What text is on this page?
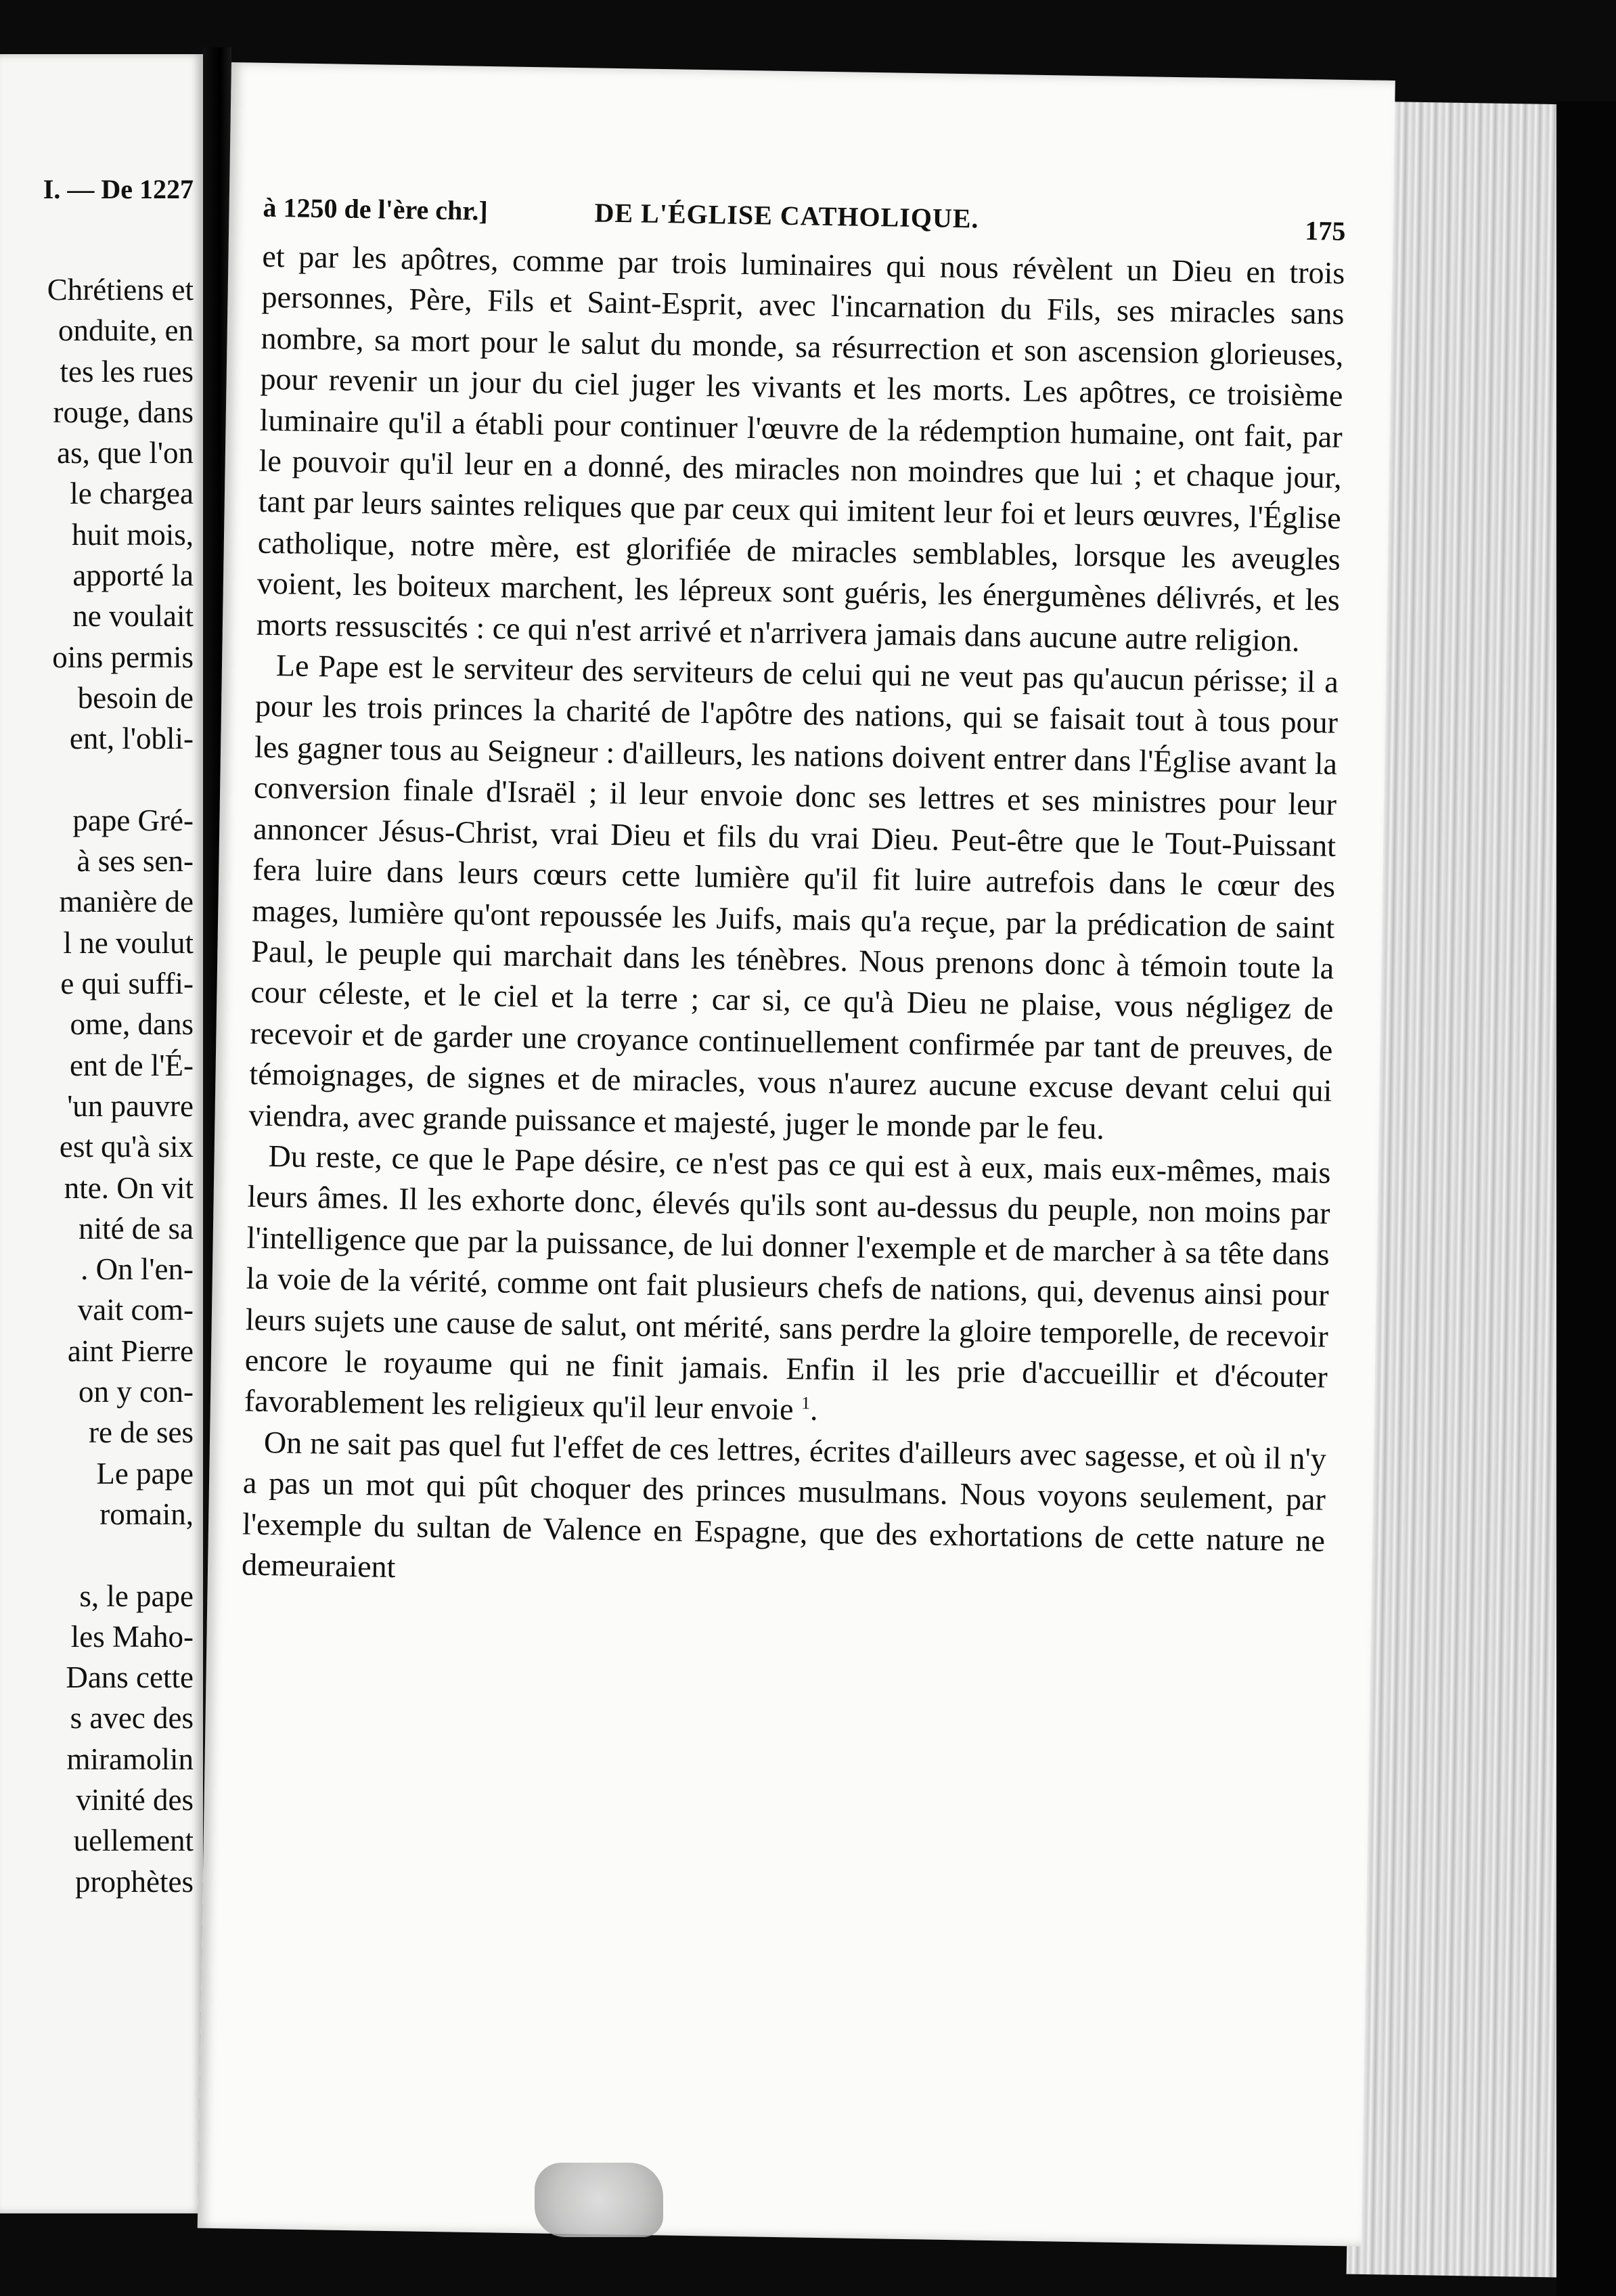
I. — De 1227
Chrétiens et
onduite, en
tes les rues
rouge, dans
as, que l'on
le chargea
huit mois,
apporté la
ne voulait
oins permis
besoin de
ent, l'obli-
pape Gré-
à ses sen-
manière de
l ne voulut
e qui suffi-
ome, dans
ent de l'É-
'un pauvre
est qu'à six
nte. On vit
nité de sa
. On l'en-
vait com-
aint Pierre
on y con-
re de ses
Le pape
romain,
s, le pape
les Maho-
Dans cette
s avec des
miramolin
vinité des
uellement
prophètes
à 1250 de l'ère chr.]	DE L'ÉGLISE CATHOLIQUE.	175

et par les apôtres, comme par trois luminaires qui nous révèlent un Dieu en trois personnes, Père, Fils et Saint-Esprit, avec l'incarnation du Fils, ses miracles sans nombre, sa mort pour le salut du monde, sa résurrection et son ascension glorieuses, pour revenir un jour du ciel juger les vivants et les morts. Les apôtres, ce troisième luminaire qu'il a établi pour continuer l'œuvre de la rédemption humaine, ont fait, par le pouvoir qu'il leur en a donné, des miracles non moindres que lui ; et chaque jour, tant par leurs saintes reliques que par ceux qui imitent leur foi et leurs œuvres, l'Église catholique, notre mère, est glorifiée de miracles semblables, lorsque les aveugles voient, les boiteux marchent, les lépreux sont guéris, les énergumènes délivrés, et les morts ressuscités : ce qui n'est arrivé et n'arrivera jamais dans aucune autre religion.

Le Pape est le serviteur des serviteurs de celui qui ne veut pas qu'aucun périsse; il a pour les trois princes la charité de l'apôtre des nations, qui se faisait tout à tous pour les gagner tous au Seigneur : d'ailleurs, les nations doivent entrer dans l'Église avant la conversion finale d'Israël ; il leur envoie donc ses lettres et ses ministres pour leur annoncer Jésus-Christ, vrai Dieu et fils du vrai Dieu. Peut-être que le Tout-Puissant fera luire dans leurs cœurs cette lumière qu'il fit luire autrefois dans le cœur des mages, lumière qu'ont repoussée les Juifs, mais qu'a reçue, par la prédication de saint Paul, le peuple qui marchait dans les ténèbres. Nous prenons donc à témoin toute la cour céleste, et le ciel et la terre ; car si, ce qu'à Dieu ne plaise, vous négligez de recevoir et de garder une croyance continuellement confirmée par tant de preuves, de témoignages, de signes et de miracles, vous n'aurez aucune excuse devant celui qui viendra, avec grande puissance et majesté, juger le monde par le feu.

Du reste, ce que le Pape désire, ce n'est pas ce qui est à eux, mais eux-mêmes, mais leurs âmes. Il les exhorte donc, élevés qu'ils sont au-dessus du peuple, non moins par l'intelligence que par la puissance, de lui donner l'exemple et de marcher à sa tête dans la voie de la vérité, comme ont fait plusieurs chefs de nations, qui, devenus ainsi pour leurs sujets une cause de salut, ont mérité, sans perdre la gloire temporelle, de recevoir encore le royaume qui ne finit jamais. Enfin il les prie d'accueillir et d'écouter favorablement les religieux qu'il leur envoie $^1$.

On ne sait pas quel fut l'effet de ces lettres, écrites d'ailleurs avec sagesse, et où il n'y a pas un mot qui pût choquer des princes musulmans. Nous voyons seulement, par l'exemple du sultan de Valence en Espagne, que des exhortations de cette nature ne demeuraient
